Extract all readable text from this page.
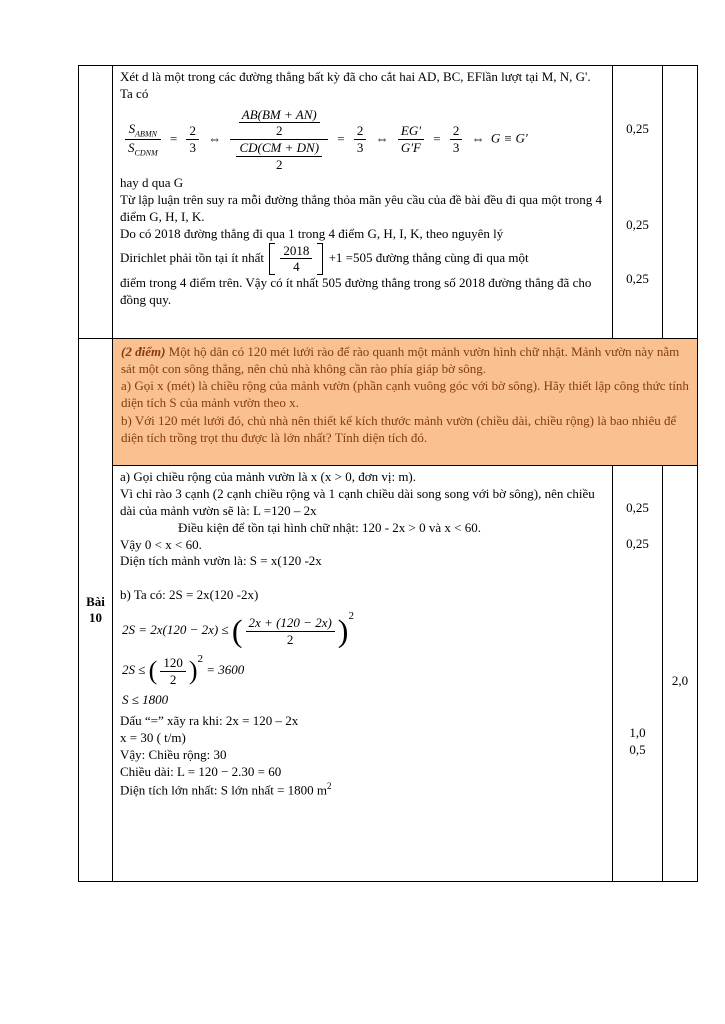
Xét d là một trong các đường thẳng bất kỳ đã cho cắt hai AD, BC, EFlần lượt tại M, N, G'. Ta có

$\frac{S_{ABMN}}{S_{CDNM}} = \frac{2}{3}$ ⇔ $\frac{\frac{AB(BM + AN)}{2}}{\frac{CD(CM + DN)}{2}} = \frac{2}{3}$ ⇔ $\frac{EG'}{G'F} = \frac{2}{3}$ ⇔ G ≡ G'

hay d qua G

Từ lập luận trên suy ra mỗi đường thẳng thỏa mãn yêu cầu của đề bài đều đi qua một trong 4 điểm G, H, I, K.

Do có 2018 đường thẳng đi qua 1 trong 4 điểm G, H, I, K, theo nguyên lý

Dirichlet phải tồn tại ít nhất $\frac{2018}{4} +1 =505$ đường thẳng cùng đi qua một

điểm trong 4 điểm trên. Vậy có ít nhất 505 đường thẳng trong số 2018 đường thẳng đã cho đồng quy.

0,25
0,25
0,25
Bài
10

(2 điểm) Một hộ dân có 120 mét lưới rào để rào quanh một mảnh vườn hình chữ nhật. Mảnh vườn này nằm sát một con sông thẳng, nên chủ nhà không cần rào phía giáp bờ sông.

a) Gọi x (mét) là chiều rộng của mảnh vườn (phần cạnh vuông góc với bờ sông). Hãy thiết lập công thức tính diện tích S của mảnh vườn theo x.

b) Với 120 mét lưới đó, chủ nhà nên thiết kế kích thước mảnh vườn (chiều dài, chiều rộng) là bao nhiêu để diện tích trồng trọt thu được là lớn nhất? Tính diện tích đó.

a) Gọi chiều rộng của mảnh vườn là x (x > 0, đơn vị: m).

Vì chỉ rào 3 cạnh (2 cạnh chiều rộng và 1 cạnh chiều dài song song với bờ sông), nên chiều dài của mảnh vườn sẽ là: L =120 – 2x

Điều kiện để tồn tại hình chữ nhật: 120 - 2x > 0 và x < 60.

Vậy 0 < x < 60.

Diện tích mảnh vườn là: S = x(120 -2x

b) Ta có: 2S = 2x(120 -2x)

2S = 2x(120 − 2x) ≤ ( $\frac{2x + (120 - 2x)}{2} )^2$

2S ≤ ( $\frac{120}{2} )^2 = 3600$

S ≤ 1800

Dấu “=” xãy ra khi: 2x = 120 – 2x

x = 30 ( t/m)

Vậy: Chiều rộng: 30

Chiều dài: L = 120 − 2.30 = 60

Diện tích lớn nhất: S lớn nhất = 1800 $m^2$

0,25
0,25
1,0
0,5
2,0
